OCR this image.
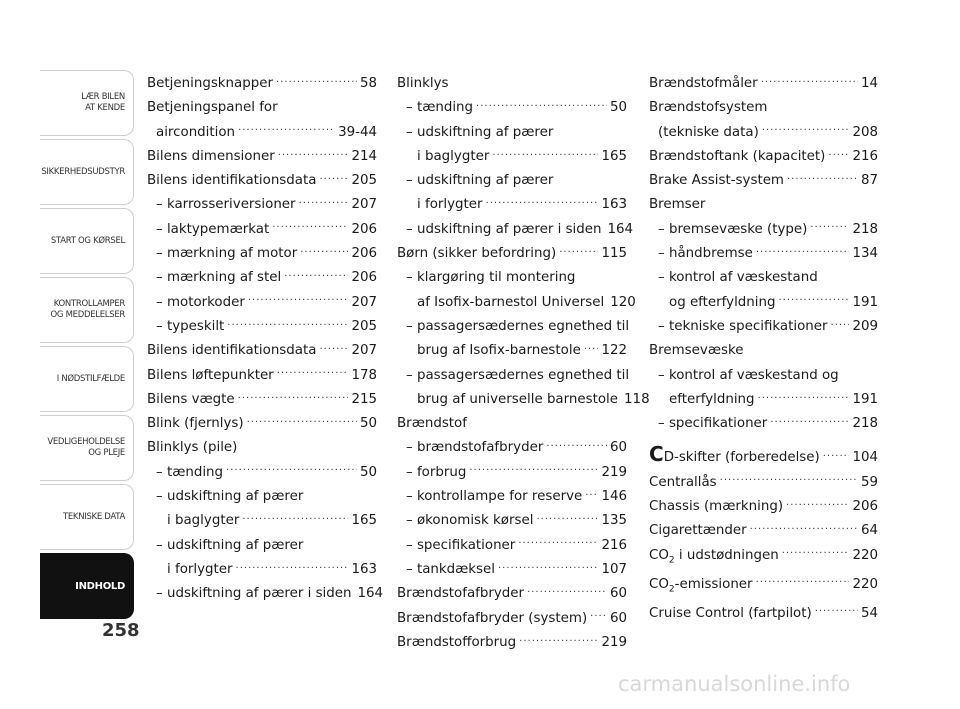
LÆR BILEN
AT KENDE
SIKKERHEDSUDSTYR
START OG KØRSEL
KONTROLLAMPER
OG MEDDELELSER
I NØDSTILFÆLDE
VEDLIGEHOLDELSE
OG PLEJE
TEKNISKE DATA
INDHOLD
258
Betjeningsknapper .....	58
Betjeningspanel for
aircondition .....	39-44
Bilens dimensioner .....	214
Bilens identifikationsdata .....	205
– karrosseriversioner .....	207
– laktypemærkat .....	206
– mærkning af motor .....	206
– mærkning af stel .....	206
– motorkoder .....	207
– typeskilt .....	205
Bilens identifikationsdata .....	207
Bilens løftepunkter .....	178
Bilens vægte .....	215
Blink (fjernlys) .....	50
Blinklys (pile)
– tænding .....	50
– udskiftning af pærer
i baglygter .....	165
– udskiftning af pærer
i forlygter .....	163
– udskiftning af pærer i siden 164
Blinklys
– tænding .....	50
– udskiftning af pærer
i baglygter .....	165
– udskiftning af pærer
i forlygter .....	163
– udskiftning af pærer i siden 164
Børn (sikker befordring) .....	115
– klargøring til montering
af Isofix-barnestol Universel 120
– passagersædernes egnethed til
brug af Isofix-barnestole ..... 122
– passagersædernes egnethed til
brug af universelle barnestole 118
Brændstof
– brændstofafbryder .....	60
– forbrug .....	219
– kontrollampe for reserve ..... 146
– økonomisk kørsel .....	135
– specifikationer .....	216
– tankdæksel .....	107
Brændstofafbryder .....	60
Brændstofafbryder (system) ..... 60
Brændstofforbrug .....	219
Brændstofmåler .....	14
Brændstofsystem
(tekniske data) .....	208
Brændstoftank (kapacitet) ..... 216
Brake Assist-system .....	87
Bremser
– bremsevæske (type) .....	218
– håndbremse .....	134
– kontrol af væskestand
og efterfyldning .....	191
– tekniske specifikationer ..... 209
Bremsevæske
– kontrol af væskestand og
efterfyldning .....	191
– specifikationer .....	218
CD-skifter (forberedelse) ..... 104
Centrallås .....	59
Chassis (mærkning) .....	206
Cigarettænder .....	64
$CO_2$ i udstødningen .....	220
$CO_2$-emissioner .....	220
Cruise Control (fartpilot) .....	54
carmanualsonline.info
